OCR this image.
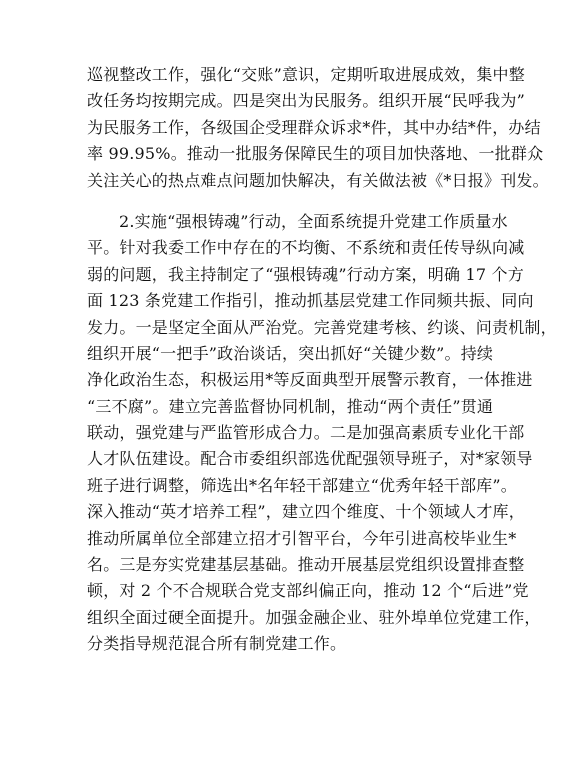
巡视整改工作，强化“交账”意识，定期听取进展成效，集中整
改任务均按期完成。四是突出为民服务。组织开展“民呼我为”
为民服务工作，各级国企受理群众诉求*件，其中办结*件，办结
率 99.95%。推动一批服务保障民生的项目加快落地、一批群众
关注关心的热点难点问题加快解决，有关做法被《*日报》刊发。
2.实施“强根铸魂”行动，全面系统提升党建工作质量水
平。针对我委工作中存在的不均衡、不系统和责任传导纵向减
弱的问题，我主持制定了“强根铸魂”行动方案，明确 17 个方
面 123 条党建工作指引，推动抓基层党建工作同频共振、同向
发力。一是坚定全面从严治党。完善党建考核、约谈、问责机制，
组织开展“一把手”政治谈话，突出抓好“关键少数”。持续
净化政治生态，积极运用*等反面典型开展警示教育，一体推进
“三不腐”。建立完善监督协同机制，推动“两个责任”贯通
联动，强党建与严监管形成合力。二是加强高素质专业化干部
人才队伍建设。配合市委组织部选优配强领导班子，对*家领导
班子进行调整，筛选出*名年轻干部建立“优秀年轻干部库”。
深入推动“英才培养工程”，建立四个维度、十个领域人才库，
推动所属单位全部建立招才引智平台，今年引进高校毕业生*
名。三是夯实党建基层基础。推动开展基层党组织设置排查整
顿，对 2 个不合规联合党支部纠偏正向，推动 12 个“后进”党
组织全面过硬全面提升。加强金融企业、驻外埠单位党建工作，
分类指导规范混合所有制党建工作。
